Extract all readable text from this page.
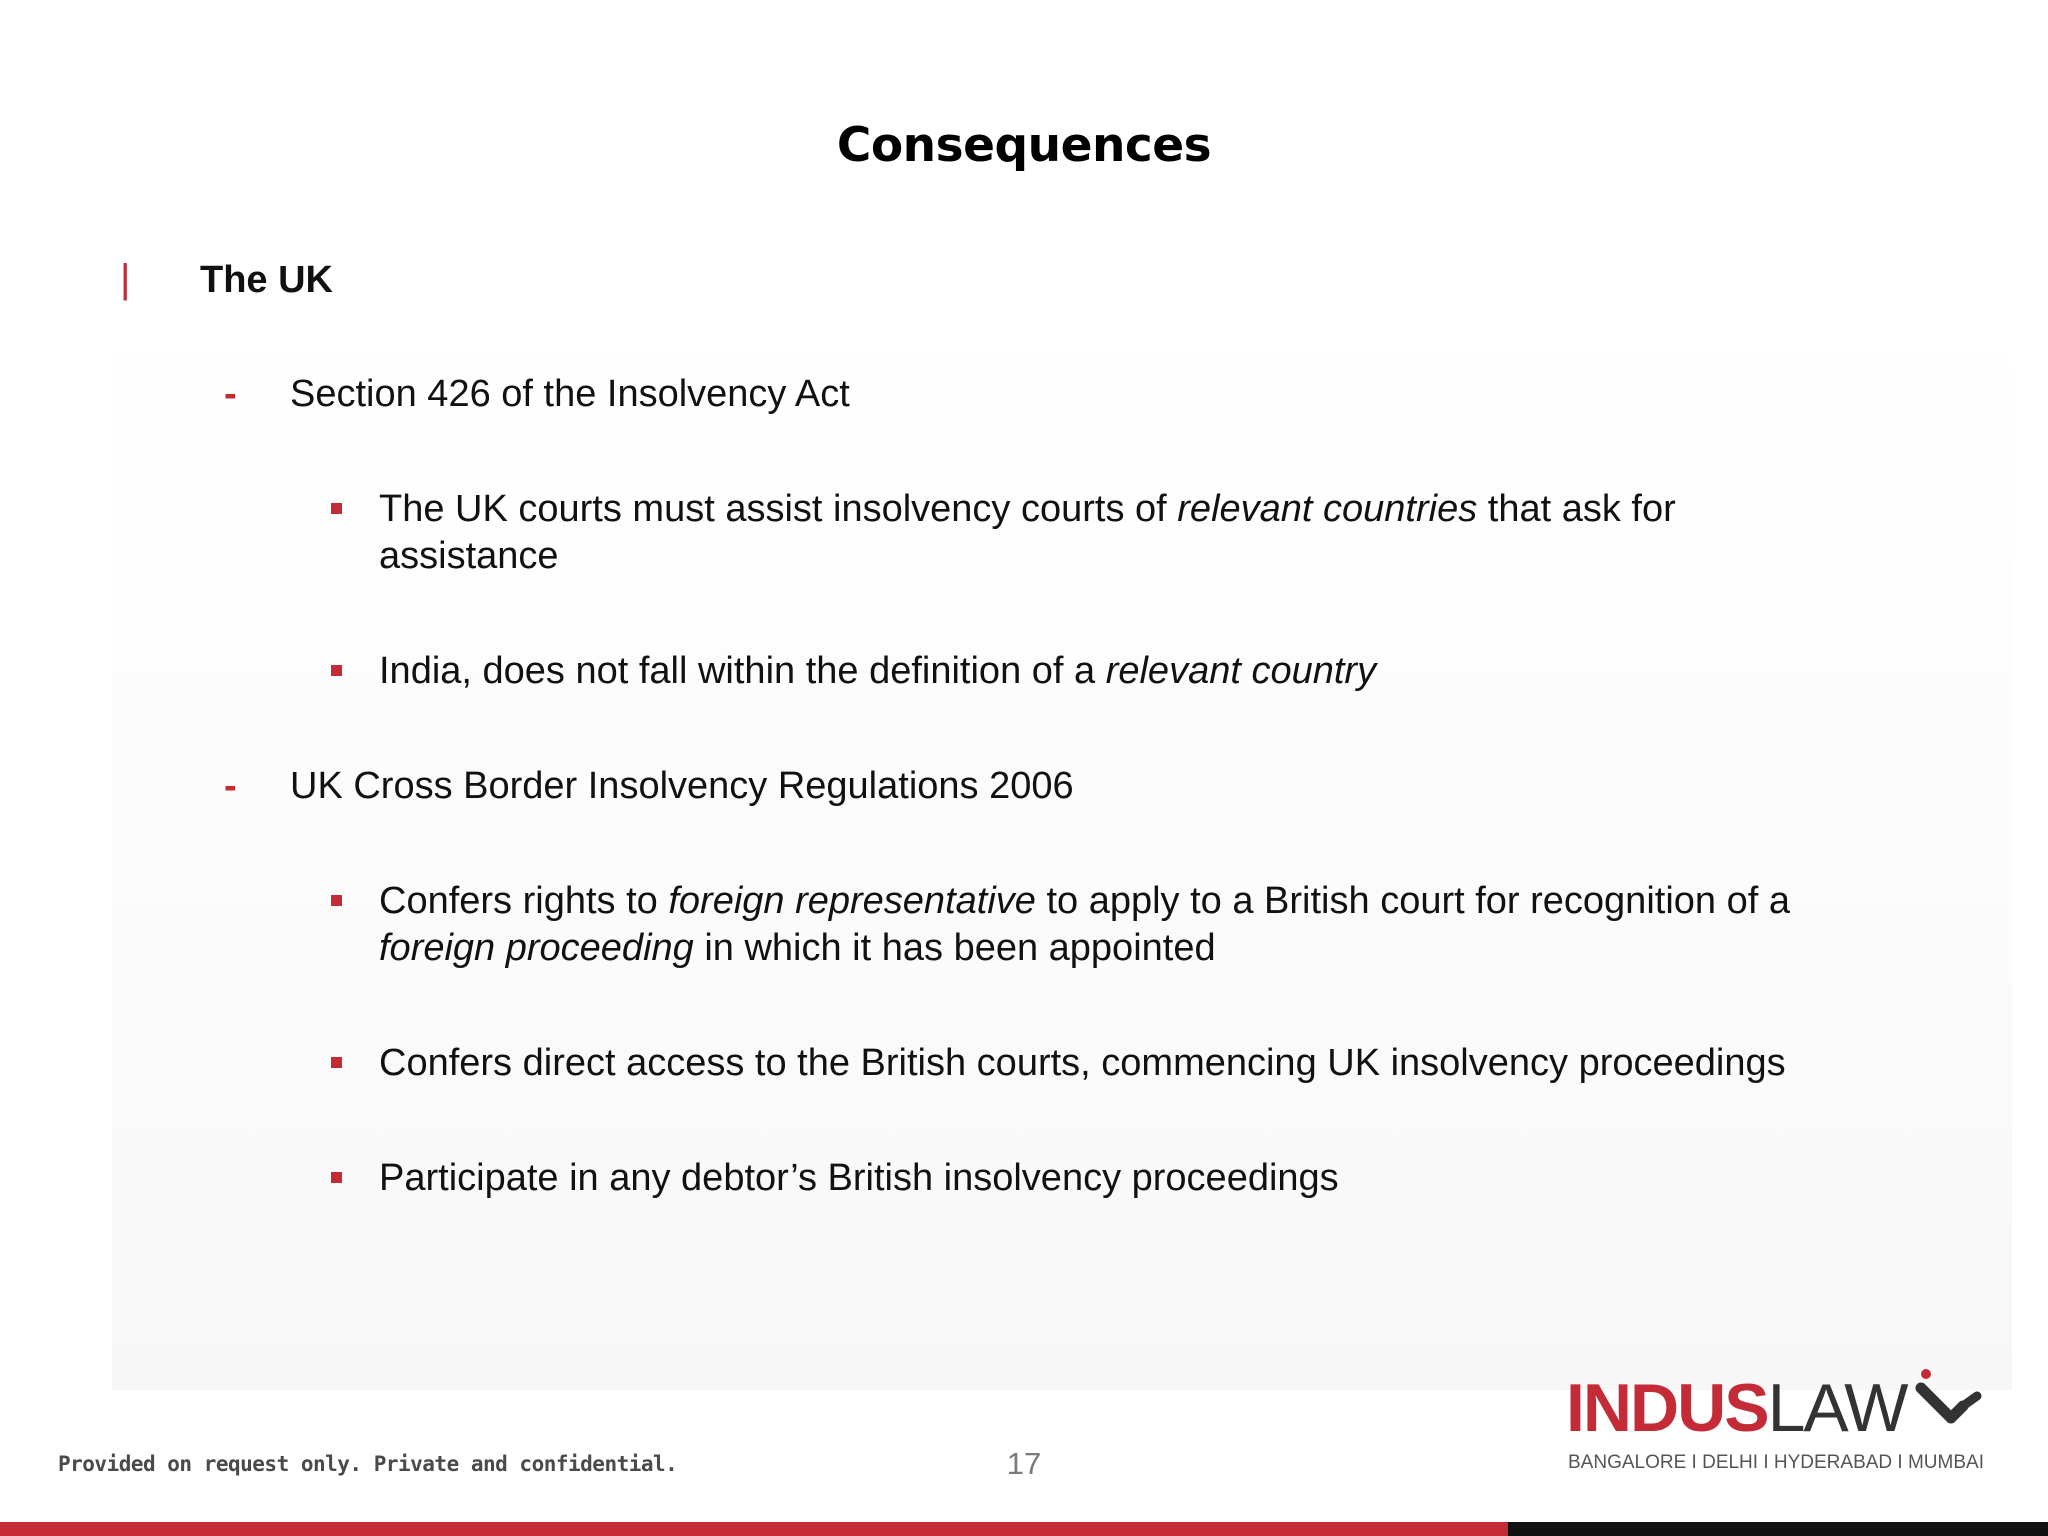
Consequences
| The UK
- Section 426 of the Insolvency Act
The UK courts must assist insolvency courts of relevant countries that ask for
assistance
India, does not fall within the definition of a relevant country
- UK Cross Border Insolvency Regulations 2006
Confers rights to foreign representative to apply to a British court for recognition of a
foreign proceeding in which it has been appointed
Confers direct access to the British courts, commencing UK insolvency proceedings
Participate in any debtor’s British insolvency proceedings
Provided on request only. Private and confidential.	17
INDUSLAW
BANGALORE I DELHI I HYDERABAD I MUMBAI
